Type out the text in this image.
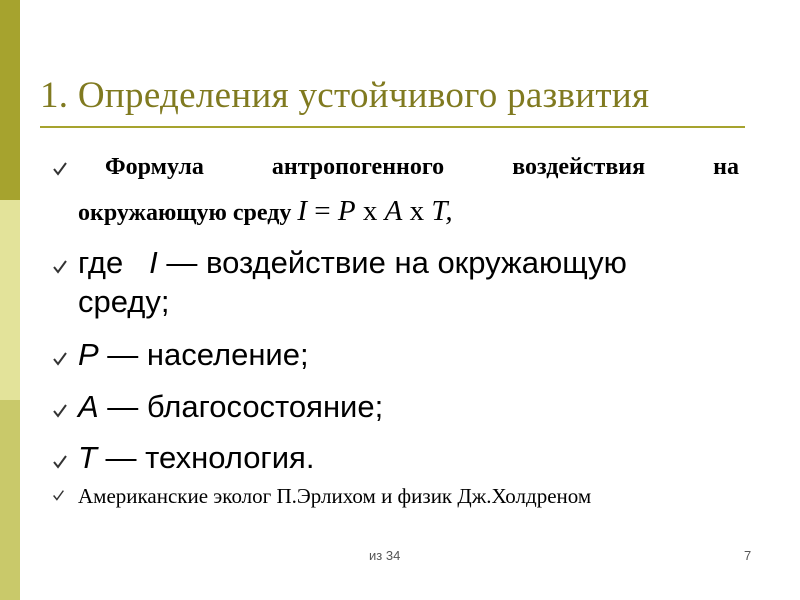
1. Определения устойчивого развития
Формула	антропогенного	воздействия	на
окружающую среду I = P x A x T,
где   I — воздействие на окружающую
среду;
P — население;
A — благосостояние;
T — технология.
Американские эколог П.Эрлихом и физик Дж.Холдреном
из 34	7
